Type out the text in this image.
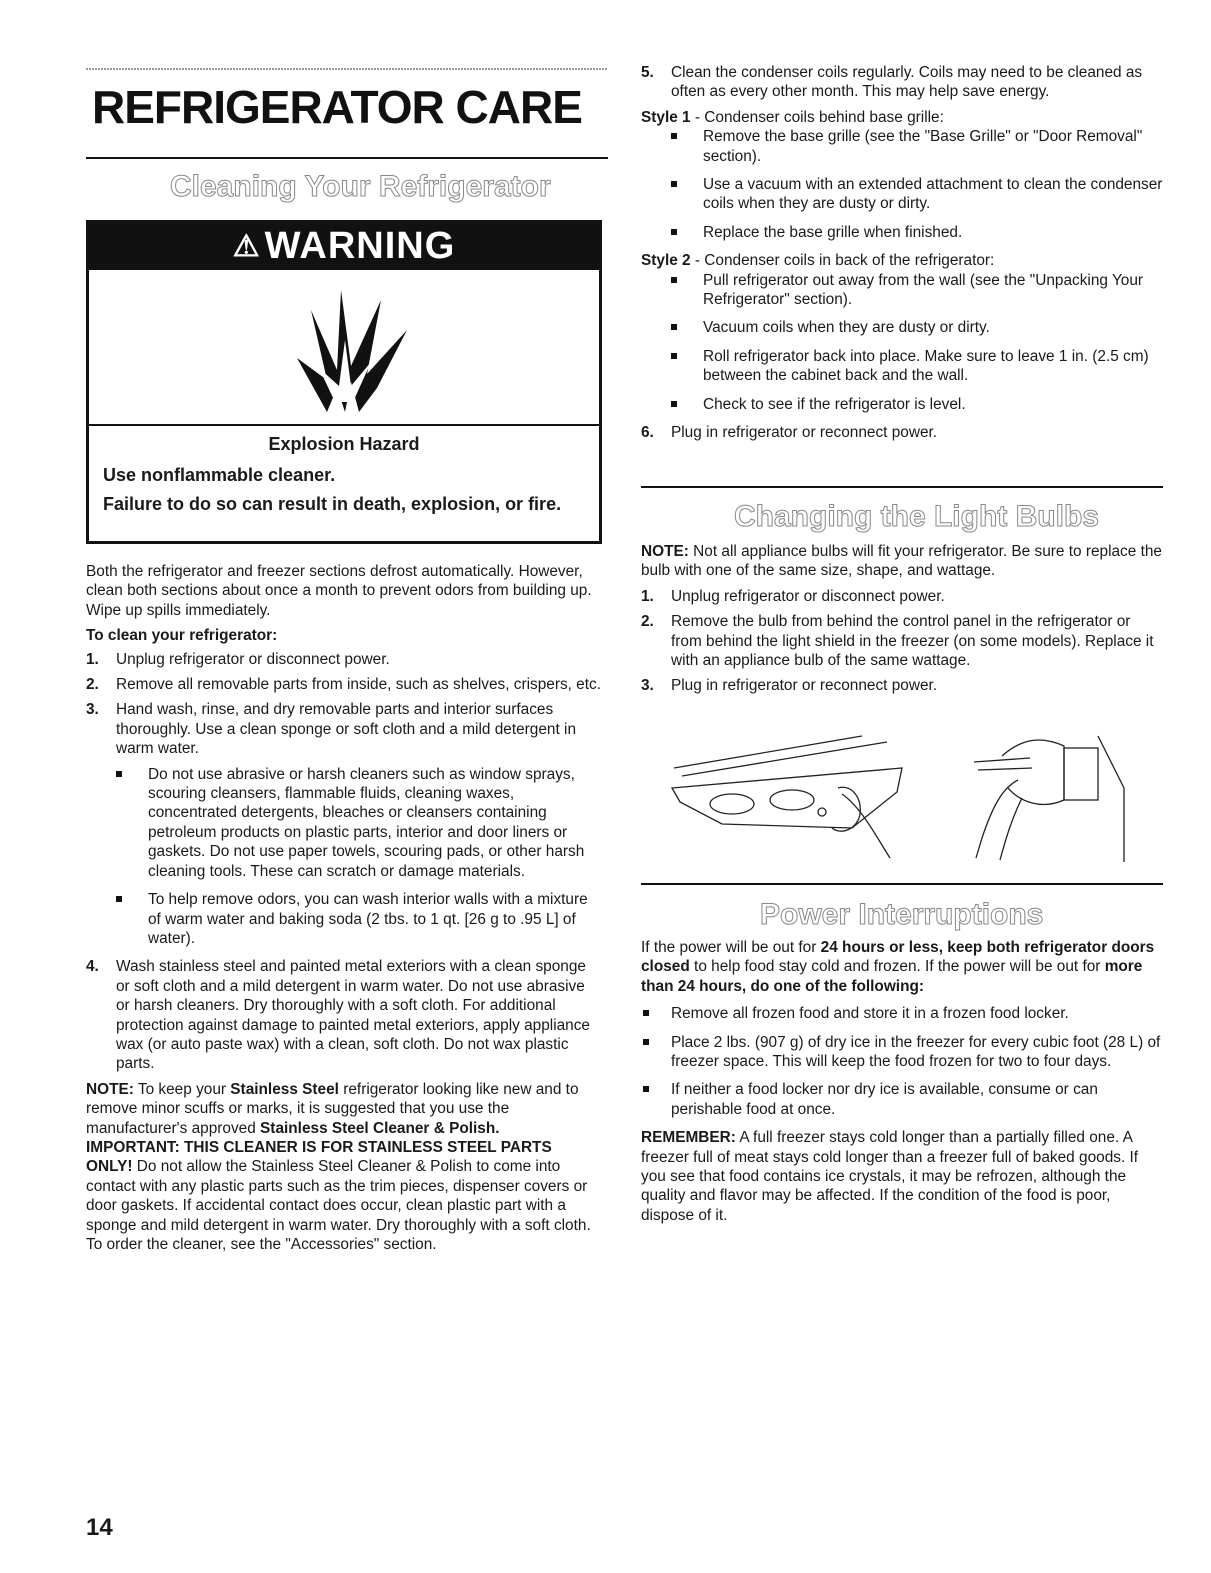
REFRIGERATOR CARE
Cleaning Your Refrigerator
⚠ WARNING
Explosion Hazard
Use nonflammable cleaner.
Failure to do so can result in death, explosion, or fire.

Both the refrigerator and freezer sections defrost automatically. However, clean both sections about once a month to prevent odors from building up. Wipe up spills immediately.

To clean your refrigerator:

1. Unplug refrigerator or disconnect power.
2. Remove all removable parts from inside, such as shelves, crispers, etc.
3. Hand wash, rinse, and dry removable parts and interior surfaces thoroughly. Use a clean sponge or soft cloth and a mild detergent in warm water.
Do not use abrasive or harsh cleaners such as window sprays, scouring cleansers, flammable fluids, cleaning waxes, concentrated detergents, bleaches or cleansers containing petroleum products on plastic parts, interior and door liners or gaskets. Do not use paper towels, scouring pads, or other harsh cleaning tools. These can scratch or damage materials.
To help remove odors, you can wash interior walls with a mixture of warm water and baking soda (2 tbs. to 1 qt. [26 g to .95 L] of water).
4. Wash stainless steel and painted metal exteriors with a clean sponge or soft cloth and a mild detergent in warm water. Do not use abrasive or harsh cleaners. Dry thoroughly with a soft cloth. For additional protection against damage to painted metal exteriors, apply appliance wax (or auto paste wax) with a clean, soft cloth. Do not wax plastic parts.

NOTE: To keep your Stainless Steel refrigerator looking like new and to remove minor scuffs or marks, it is suggested that you use the manufacturer's approved Stainless Steel Cleaner & Polish.

IMPORTANT: THIS CLEANER IS FOR STAINLESS STEEL PARTS ONLY! Do not allow the Stainless Steel Cleaner & Polish to come into contact with any plastic parts such as the trim pieces, dispenser covers or door gaskets. If accidental contact does occur, clean plastic part with a sponge and mild detergent in warm water. Dry thoroughly with a soft cloth. To order the cleaner, see the "Accessories" section.

5. Clean the condenser coils regularly. Coils may need to be cleaned as often as every other month. This may help save energy.

Style 1 - Condenser coils behind base grille:

Remove the base grille (see the "Base Grille" or "Door Removal" section).
Use a vacuum with an extended attachment to clean the condenser coils when they are dusty or dirty.
Replace the base grille when finished.

Style 2 - Condenser coils in back of the refrigerator:

Pull refrigerator out away from the wall (see the "Unpacking Your Refrigerator" section).
Vacuum coils when they are dusty or dirty.
Roll refrigerator back into place. Make sure to leave 1 in. (2.5 cm) between the cabinet back and the wall.
Check to see if the refrigerator is level.
6. Plug in refrigerator or reconnect power.
Changing the Light Bulbs

NOTE: Not all appliance bulbs will fit your refrigerator. Be sure to replace the bulb with one of the same size, shape, and wattage.

1. Unplug refrigerator or disconnect power.
2. Remove the bulb from behind the control panel in the refrigerator or from behind the light shield in the freezer (on some models). Replace it with an appliance bulb of the same wattage.
3. Plug in refrigerator or reconnect power.
Power Interruptions

If the power will be out for 24 hours or less, keep both refrigerator doors closed to help food stay cold and frozen. If the power will be out for more than 24 hours, do one of the following:

Remove all frozen food and store it in a frozen food locker.
Place 2 lbs. (907 g) of dry ice in the freezer for every cubic foot (28 L) of freezer space. This will keep the food frozen for two to four days.
If neither a food locker nor dry ice is available, consume or can perishable food at once.

REMEMBER: A full freezer stays cold longer than a partially filled one. A freezer full of meat stays cold longer than a freezer full of baked goods. If you see that food contains ice crystals, it may be refrozen, although the quality and flavor may be affected. If the condition of the food is poor, dispose of it.

14
